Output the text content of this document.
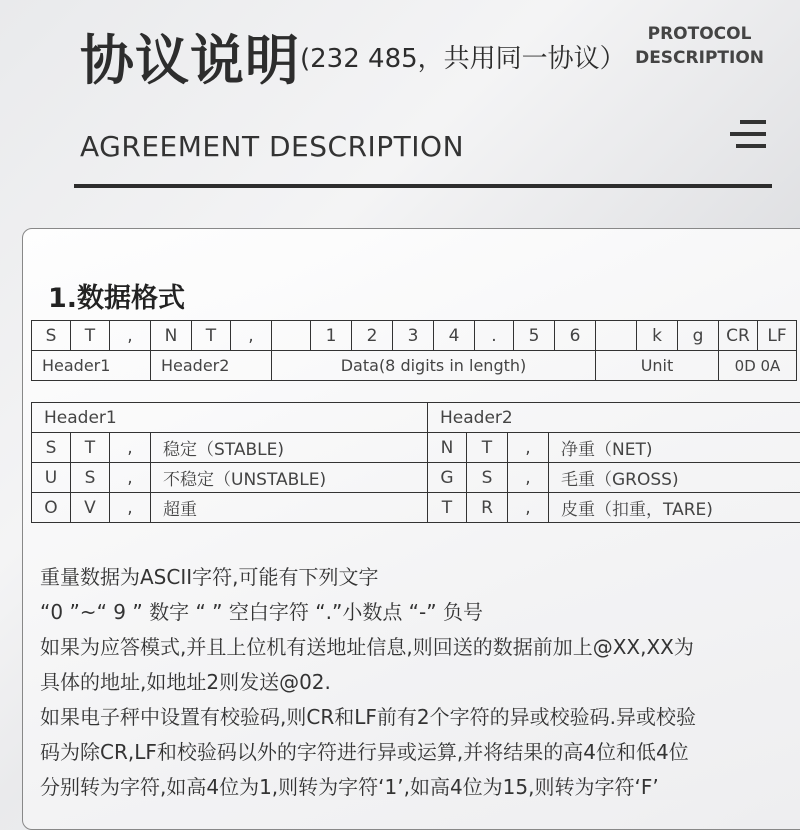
协议说明 (232 485，共用同一协议）
PROTOCOL
DESCRIPTION
AGREEMENT DESCRIPTION
1.数据格式
S	T	,	N	T	,		1	2	3	4	.	5	6		k	g	CR	LF
Header1			Header2			Data(8 digits in length)								Unit			0D 0A	
Header1				Header2			
S	T	,	稳定（STABLE)	N	T	,	净重（NET)
U	S	,	不稳定（UNSTABLE)	G	S	,	毛重（GROSS)
O	V	,	超重	T	R	,	皮重（扣重，TARE)

重量数据为ASCII字符,可能有下列文字

“0 ”~“ 9 ” 数字 “ ” 空白字符 “.”小数点 “-” 负号

如果为应答模式,并且上位机有送地址信息,则回送的数据前加上@XX,XX为

具体的地址,如地址2则发送@02.

如果电子秤中设置有校验码,则CR和LF前有2个字符的异或校验码.异或校验

码为除CR,LF和校验码以外的字符进行异或运算,并将结果的高4位和低4位

分别转为字符,如高4位为1,则转为字符‘1’,如高4位为15,则转为字符‘F’
